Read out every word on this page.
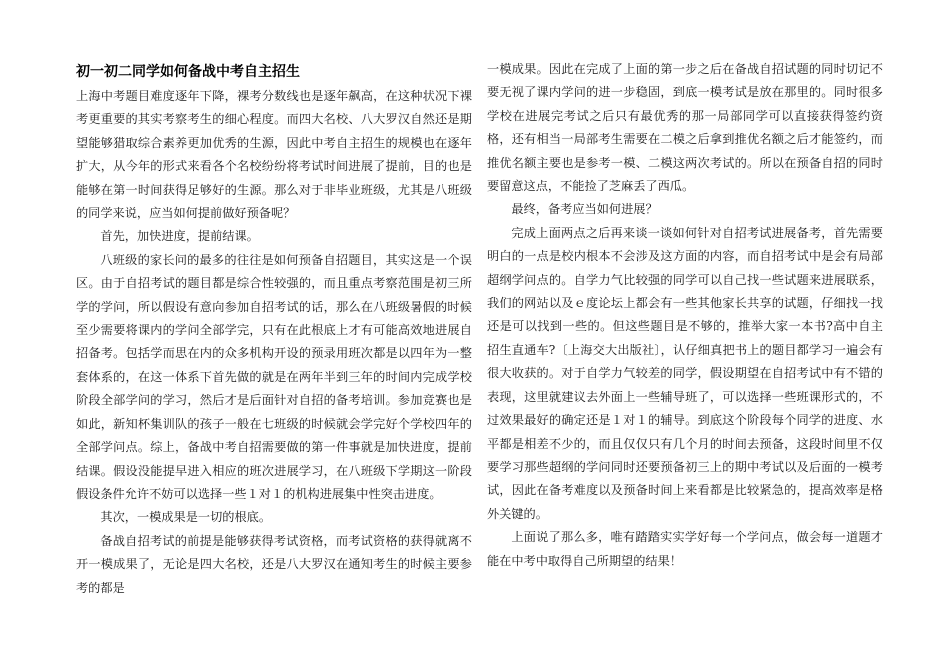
初一初二同学如何备战中考自主招生

上海中考题目难度逐年下降，裸考分数线也是逐年飙高，在这种状况下裸考更重要的其实考察考生的细心程度。而四大名校、八大罗汉自然还是期望能够猎取综合素养更加优秀的生源，因此中考自主招生的规模也在逐年扩大，从今年的形式来看各个名校纷纷将考试时间进展了提前，目的也是能够在第一时间获得足够好的生源。那么对于非毕业班级，尤其是八班级的同学来说，应当如何提前做好预备呢？

首先，加快进度，提前结课。

八班级的家长问的最多的往往是如何预备自招题目，其实这是一个误区。由于自招考试的题目都是综合性较强的，而且重点考察范围是初三所学的学问，所以假设有意向参加自招考试的话，那么在八班级暑假的时候至少需要将课内的学问全部学完，只有在此根底上才有可能高效地进展自招备考。包括学而思在内的众多机构开设的预录用班次都是以四年为一整套体系的，在这一体系下首先做的就是在两年半到三年的时间内完成学校阶段全部学问的学习，然后才是后面针对自招的备考培训。参加竞赛也是如此，新知杯集训队的孩子一般在七班级的时候就会学完好个学校四年的全部学问点。综上，备战中考自招需要做的第一件事就是加快进度，提前结课。假设没能提早进入相应的班次进展学习，在八班级下学期这一阶段假设条件允许不妨可以选择一些１对１的机构进展集中性突击进度。

其次，一模成果是一切的根底。

备战自招考试的前提是能够获得考试资格，而考试资格的获得就离不开一模成果了，无论是四大名校，还是八大罗汉在通知考生的时候主要参考的都是

一模成果。因此在完成了上面的第一步之后在备战自招试题的同时切记不要无视了课内学问的进一步稳固，到底一模考试是放在那里的。同时很多学校在进展完考试之后只有最优秀的那一局部同学可以直接获得签约资格，还有相当一局部考生需要在二模之后拿到推优名额之后才能签约，而推优名额主要也是参考一模、二模这两次考试的。所以在预备自招的同时要留意这点，不能捡了芝麻丢了西瓜。

最终，备考应当如何进展？

完成上面两点之后再来谈一谈如何针对自招考试进展备考，首先需要明白的一点是校内根本不会涉及这方面的内容，而自招考试中是会有局部超纲学问点的。自学力气比较强的同学可以自己找一些试题来进展联系，我们的网站以及ｅ度论坛上都会有一些其他家长共享的试题，仔细找一找还是可以找到一些的。但这些题目是不够的，推举大家一本书?高中自主招生直通车?〔上海交大出版社〕，认仔细真把书上的题目都学习一遍会有很大收获的。对于自学力气较差的同学，假设期望在自招考试中有不错的表现，这里就建议去外面上一些辅导班了，可以选择一些班课形式的，不过效果最好的确定还是１对１的辅导。到底这个阶段每个同学的进度、水平都是相差不少的，而且仅仅只有几个月的时间去预备，这段时间里不仅要学习那些超纲的学问同时还要预备初三上的期中考试以及后面的一模考试，因此在备考难度以及预备时间上来看都是比较紧急的，提高效率是格外关键的。

上面说了那么多，唯有踏踏实实学好每一个学问点，做会每一道题才能在中考中取得自己所期望的结果！
